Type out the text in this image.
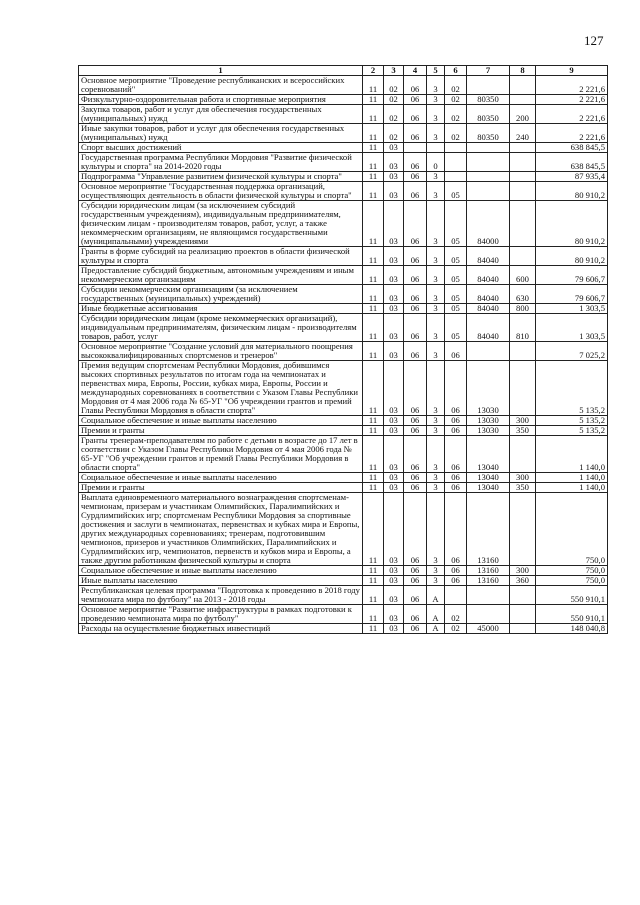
127
1	2	3	4	5	6	7	8	9
Основное мероприятие "Проведение республиканских и всероссийских соревнований"	11	02	06	3	02			2 221,6
Физкультурно-оздоровительная работа и спортивные мероприятия	11	02	06	3	02	80350		2 221,6
Закупка товаров, работ и услуг для обеспечения государственных (муниципальных) нужд	11	02	06	3	02	80350	200	2 221,6
Иные закупки товаров, работ и услуг для обеспечения государственных (муниципальных) нужд	11	02	06	3	02	80350	240	2 221,6
Спорт высших достижений	11	03						638 845,5
Государственная программа Республики Мордовия "Развитие физической культуры и спорта" на 2014-2020 годы	11	03	06	0				638 845,5
Подпрограмма "Управление развитием физической культуры и спорта"	11	03	06	3				87 935,4
Основное мероприятие "Государственная поддержка организаций, осуществляющих деятельность в области физической культуры и спорта"	11	03	06	3	05			80 910,2
Субсидии юридическим лицам (за исключением субсидий государственным учреждениям), индивидуальным предпринимателям, физическим лицам - производителям товаров, работ, услуг, а также некоммерческим организациям, не являющимся государственными (муниципальными) учреждениями	11	03	06	3	05	84000		80 910,2
Гранты в форме субсидий на реализацию проектов в области физической культуры и спорта	11	03	06	3	05	84040		80 910,2
Предоставление субсидий бюджетным, автономным учреждениям и иным некоммерческим организациям	11	03	06	3	05	84040	600	79 606,7
Субсидии некоммерческим организациям (за исключением государственных (муниципальных) учреждений)	11	03	06	3	05	84040	630	79 606,7
Иные бюджетные ассигнования	11	03	06	3	05	84040	800	1 303,5
Субсидии юридическим лицам (кроме некоммерческих организаций), индивидуальным предпринимателям, физическим лицам - производителям товаров, работ, услуг	11	03	06	3	05	84040	810	1 303,5
Основное мероприятие "Создание условий для материального поощрения высококвалифицированных спортсменов и тренеров"	11	03	06	3	06			7 025,2
Премия ведущим спортсменам Республики Мордовия, добившимся высоких спортивных результатов по итогам года на чемпионатах и первенствах мира, Европы, России, кубках мира, Европы, России и международных соревнованиях в соответствии с Указом Главы Республики Мордовия от 4 мая 2006 года № 65-УГ "Об учреждении грантов и премий Главы Республики Мордовия в области спорта"	11	03	06	3	06	13030		5 135,2
Социальное обеспечение и иные выплаты населению	11	03	06	3	06	13030	300	5 135,2
Премии и гранты	11	03	06	3	06	13030	350	5 135,2
Гранты тренерам-преподавателям по работе с детьми в возрасте до 17 лет в соответствии с Указом Главы Республики Мордовия от 4 мая 2006 года № 65-УГ "Об учреждении грантов и премий Главы Республики Мордовия в области спорта"	11	03	06	3	06	13040		1 140,0
Социальное обеспечение и иные выплаты населению	11	03	06	3	06	13040	300	1 140,0
Премии и гранты	11	03	06	3	06	13040	350	1 140,0
Выплата единовременного материального вознаграждения спортсменам-чемпионам, призерам и участникам Олимпийских, Паралимпийских и Сурдлимпийских игр; спортсменам Республики Мордовия за спортивные достижения и заслуги в чемпионатах, первенствах и кубках мира и Европы, других международных соревнованиях; тренерам, подготовившим чемпионов, призеров и участников Олимпийских, Паралимпийских и Сурдлимпийских игр, чемпионатов, первенств и кубков мира и Европы, а также другим работникам физической культуры и спорта	11	03	06	3	06	13160		750,0
Социальное обеспечение и иные выплаты населению	11	03	06	3	06	13160	300	750,0
Иные выплаты населению	11	03	06	3	06	13160	360	750,0
Республиканская целевая программа "Подготовка к проведению в 2018 году чемпионата мира по футболу" на 2013 - 2018 годы	11	03	06	А				550 910,1
Основное мероприятие "Развитие инфраструктуры в рамках подготовки к проведению чемпионата мира по футболу"	11	03	06	А	02			550 910,1
Расходы на осуществление бюджетных инвестиций	11	03	06	А	02	45000		148 040,8
